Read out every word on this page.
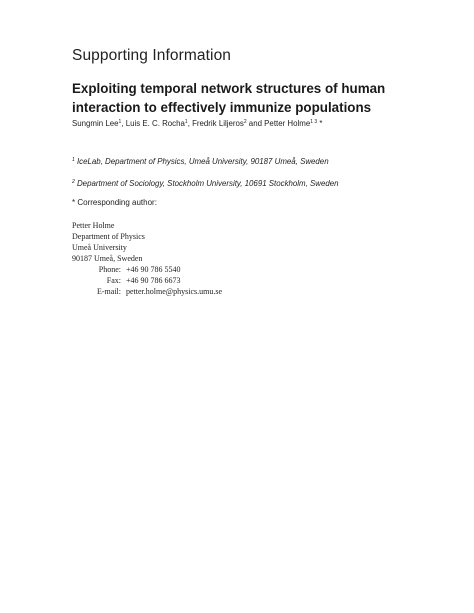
Supporting Information
Exploiting temporal network structures of human
interaction to effectively immunize populations
Sungmin Lee$^1$, Luis E. C. Rocha$^1$, Fredrik Liljeros$^2$ and Petter Holme$^{1 3}$ *
$^1$ IceLab, Department of Physics, Umeå University, 90187 Umeå, Sweden
$^2$ Department of Sociology, Stockholm University, 10691 Stockholm, Sweden
* Corresponding author:
Petter Holme
Department of Physics
Umeå University
90187 Umeå, Sweden
Phone: +46 90 786 5540
Fax: +46 90 786 6673
E-mail: petter.holme@physics.umu.se
